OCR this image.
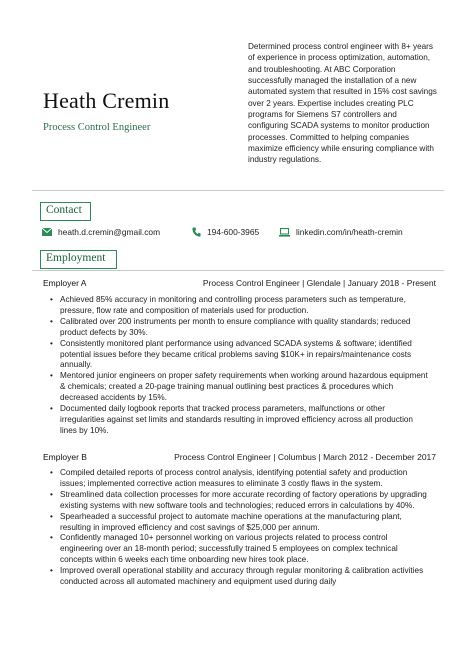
Heath Cremin
Process Control Engineer
Determined process control engineer with 8+ years of experience in process optimization, automation, and troubleshooting. At ABC Corporation successfully managed the installation of a new automated system that resulted in 15% cost savings over 2 years. Expertise includes creating PLC programs for Siemens S7 controllers and configuring SCADA systems to monitor production processes. Committed to helping companies maximize efficiency while ensuring compliance with industry regulations.
Contact
heath.d.cremin@gmail.com	194-600-3965	linkedin.com/in/heath-cremin
Employment
Employer A	Process Control Engineer | Glendale | January 2018 - Present
• Achieved 85% accuracy in monitoring and controlling process parameters such as temperature, pressure, flow rate and composition of materials used for production.
• Calibrated over 200 instruments per month to ensure compliance with quality standards; reduced product defects by 30%.
• Consistently monitored plant performance using advanced SCADA systems & software; identified potential issues before they became critical problems saving $10K+ in repairs/maintenance costs annually.
• Mentored junior engineers on proper safety requirements when working around hazardous equipment & chemicals; created a 20-page training manual outlining best practices & procedures which decreased accidents by 15%.
• Documented daily logbook reports that tracked process parameters, malfunctions or other irregularities against set limits and standards resulting in improved efficiency across all production lines by 10%.
Employer B	Process Control Engineer | Columbus | March 2012 - December 2017
• Compiled detailed reports of process control analysis, identifying potential safety and production issues; implemented corrective action measures to eliminate 3 costly flaws in the system.
• Streamlined data collection processes for more accurate recording of factory operations by upgrading existing systems with new software tools and technologies; reduced errors in calculations by 40%.
• Spearheaded a successful project to automate machine operations at the manufacturing plant, resulting in improved efficiency and cost savings of $25,000 per annum.
• Confidently managed 10+ personnel working on various projects related to process control engineering over an 18-month period; successfully trained 5 employees on complex technical concepts within 6 weeks each time onboarding new hires took place.
• Improved overall operational stability and accuracy through regular monitoring & calibration activities conducted across all automated machinery and equipment used during daily
